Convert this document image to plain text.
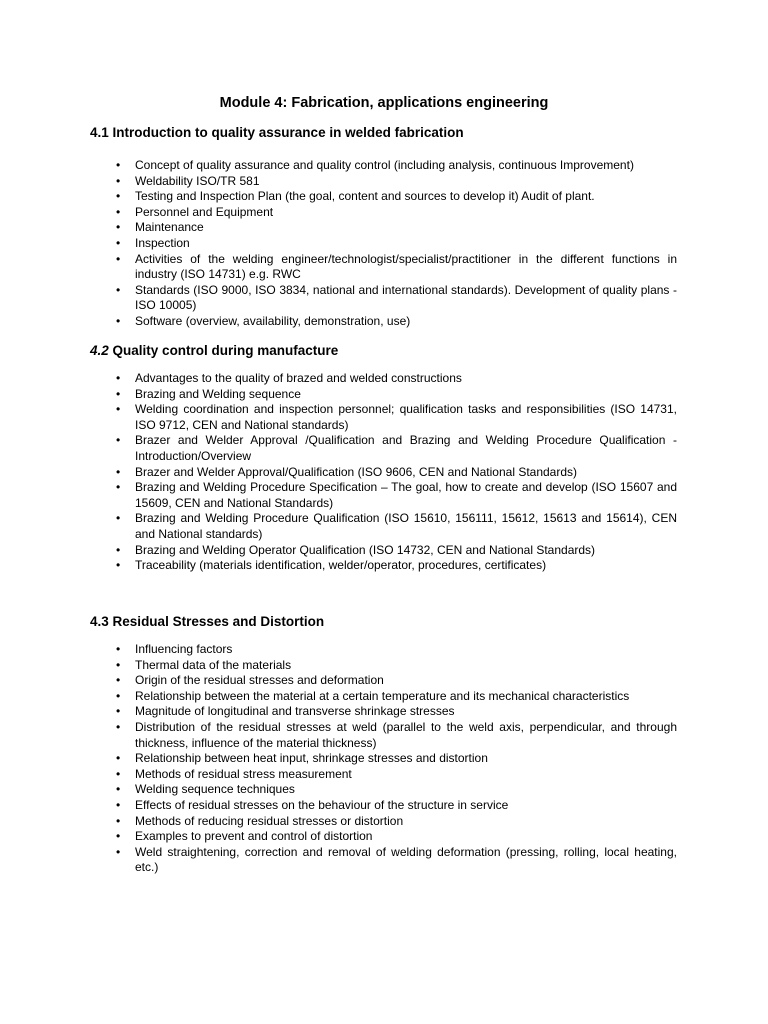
Module 4: Fabrication, applications engineering
4.1 Introduction to quality assurance in welded fabrication
• Concept of quality assurance and quality control (including analysis, continuous Improvement)
• Weldability ISO/TR 581
• Testing and Inspection Plan (the goal, content and sources to develop it) Audit of plant.
• Personnel and Equipment
• Maintenance
• Inspection
• Activities of the welding engineer/technologist/specialist/practitioner in the different functions in industry (ISO 14731) e.g. RWC
• Standards (ISO 9000, ISO 3834, national and international standards). Development of quality plans - ISO 10005)
• Software (overview, availability, demonstration, use)
4.2 Quality control during manufacture
• Advantages to the quality of brazed and welded constructions
• Brazing and Welding sequence
• Welding coordination and inspection personnel; qualification tasks and responsibilities (ISO 14731, ISO 9712, CEN and National standards)
• Brazer and Welder Approval /Qualification and Brazing and Welding Procedure Qualification - Introduction/Overview
• Brazer and Welder Approval/Qualification (ISO 9606, CEN and National Standards)
• Brazing and Welding Procedure Specification – The goal, how to create and develop (ISO 15607 and 15609, CEN and National Standards)
• Brazing and Welding Procedure Qualification (ISO 15610, 156111, 15612, 15613 and 15614), CEN and National standards)
• Brazing and Welding Operator Qualification (ISO 14732, CEN and National Standards)
• Traceability (materials identification, welder/operator, procedures, certificates)
4.3 Residual Stresses and Distortion
• Influencing factors
• Thermal data of the materials
• Origin of the residual stresses and deformation
• Relationship between the material at a certain temperature and its mechanical characteristics
• Magnitude of longitudinal and transverse shrinkage stresses
• Distribution of the residual stresses at weld (parallel to the weld axis, perpendicular, and through thickness, influence of the material thickness)
• Relationship between heat input, shrinkage stresses and distortion
• Methods of residual stress measurement
• Welding sequence techniques
• Effects of residual stresses on the behaviour of the structure in service
• Methods of reducing residual stresses or distortion
• Examples to prevent and control of distortion
• Weld straightening, correction and removal of welding deformation (pressing, rolling, local heating, etc.)
